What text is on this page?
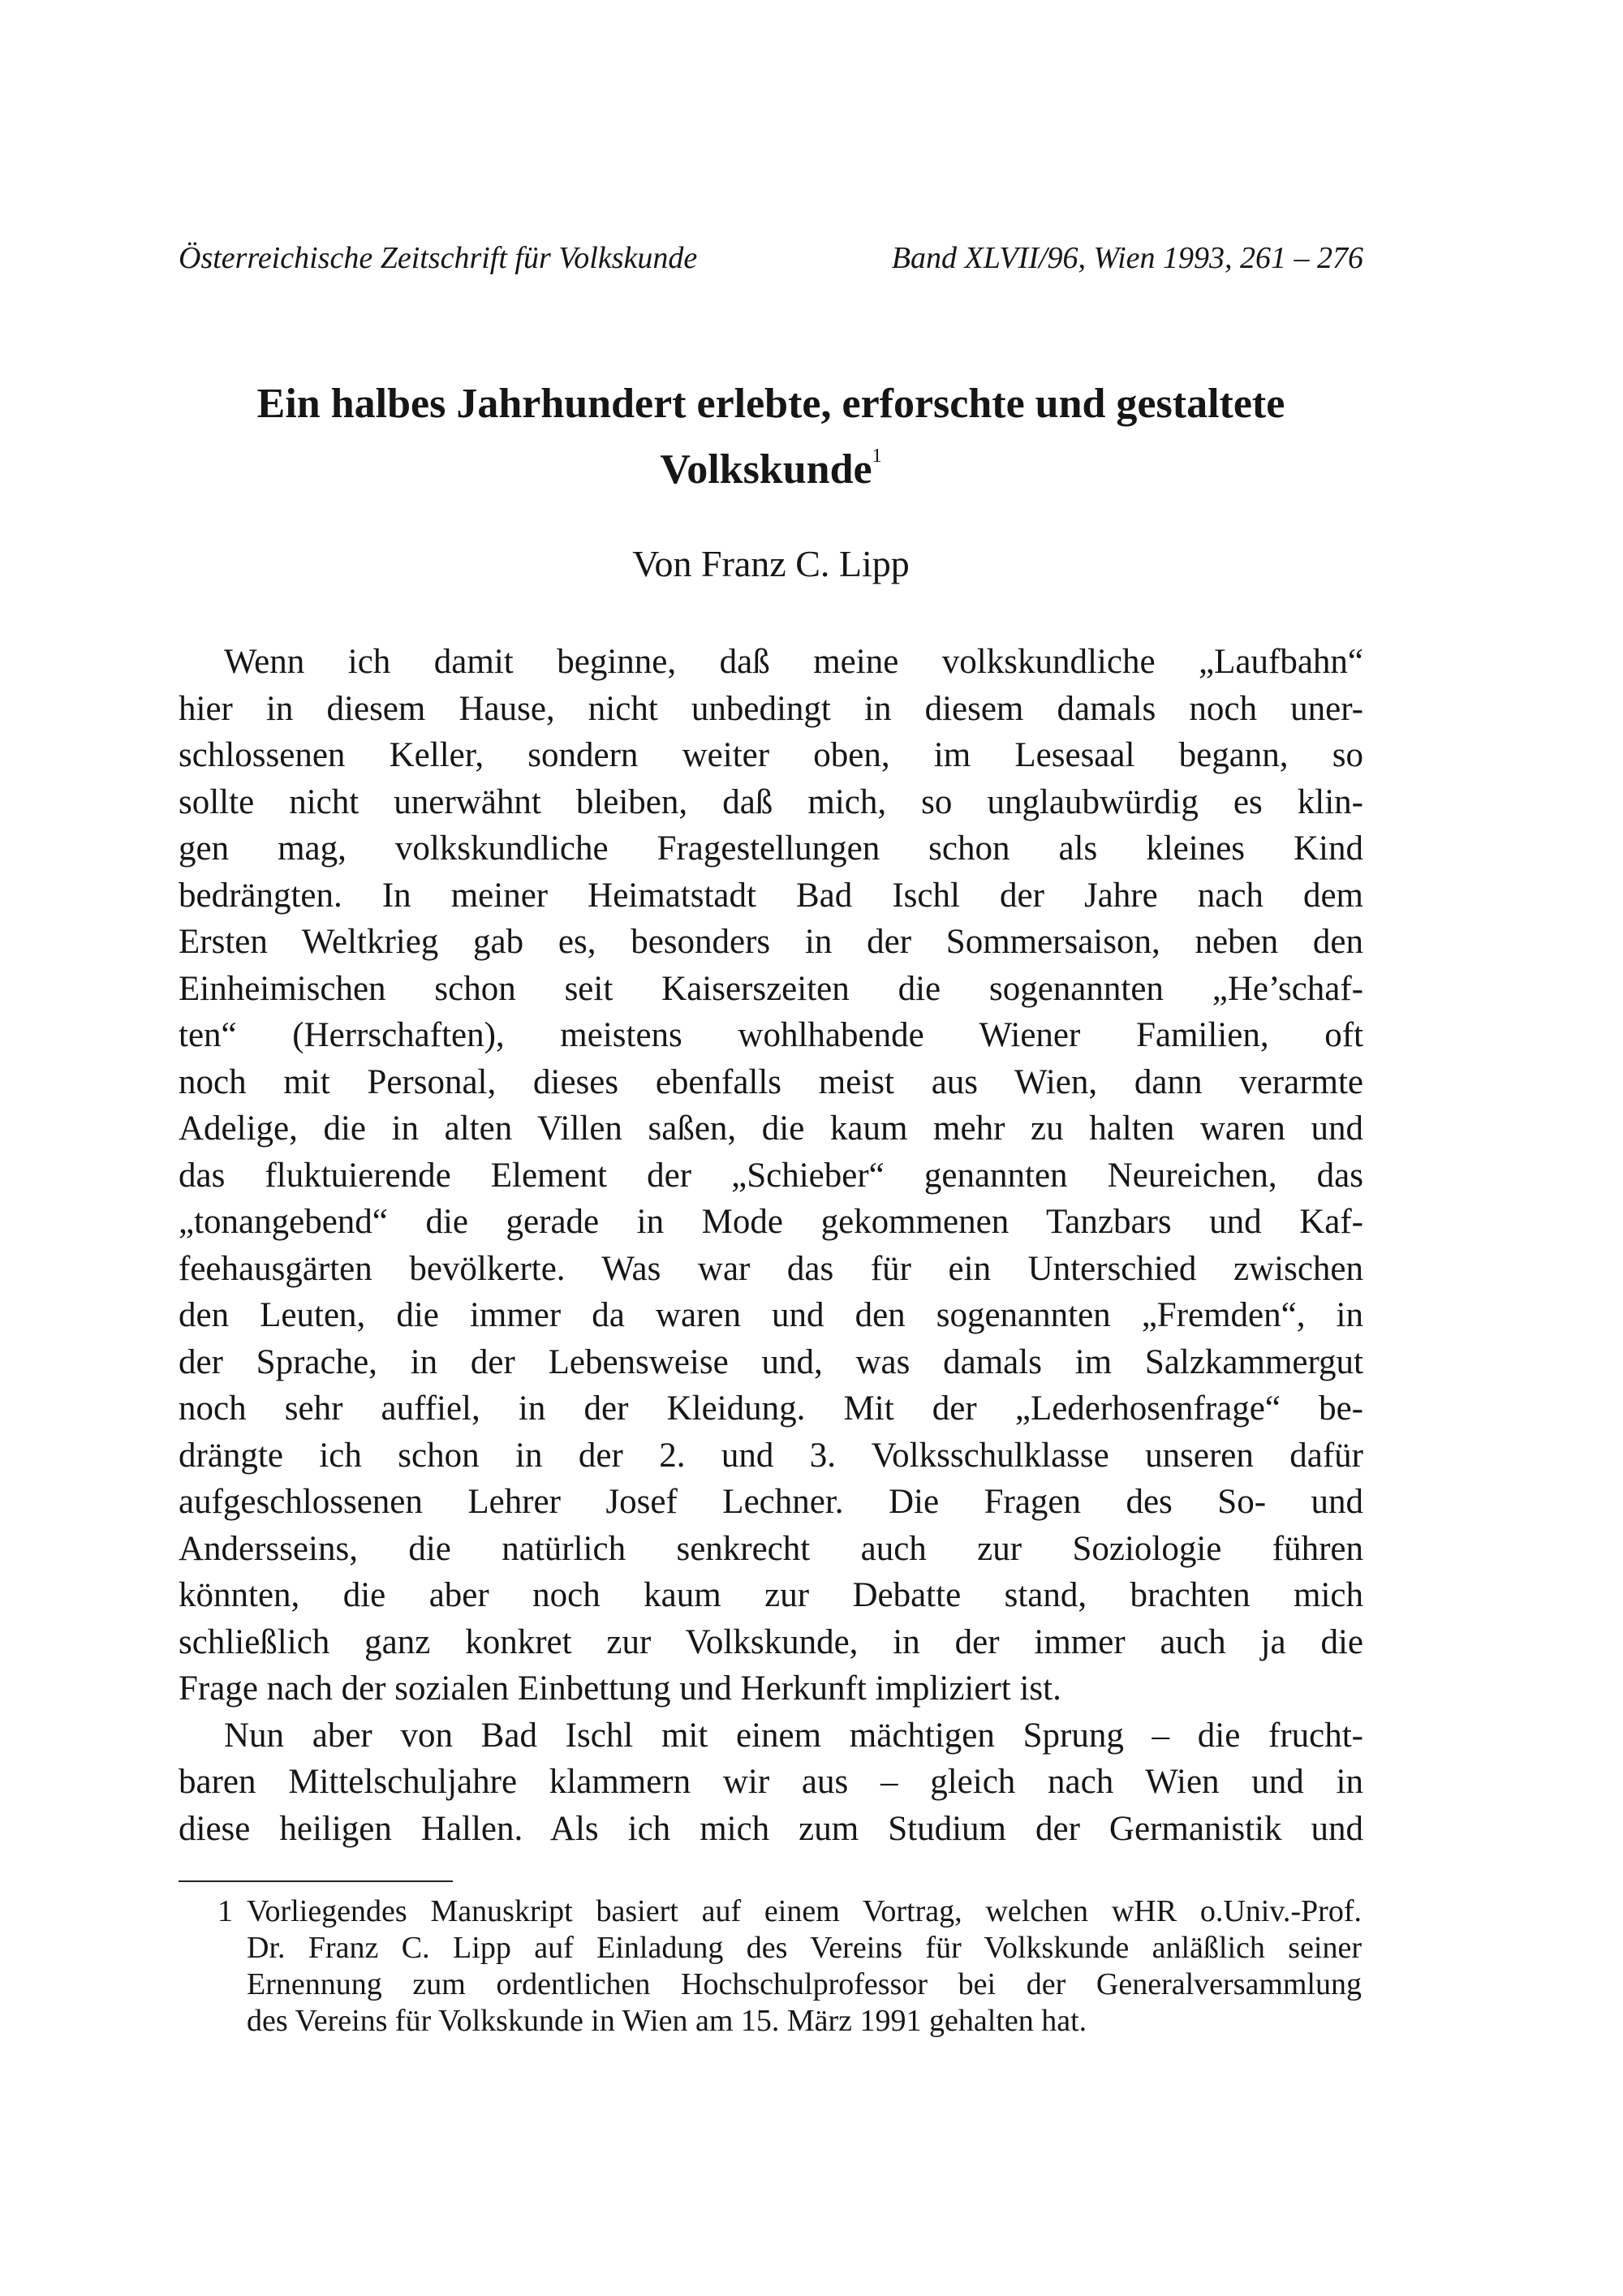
Österreichische Zeitschrift für Volkskunde	Band XLVII/96, Wien 1993, 261 – 276
Ein halbes Jahrhundert erlebte, erforschte und gestaltete
Volkskunde$^1$
Von Franz C. Lipp
Wenn ich damit beginne, daß meine volkskundliche „Laufbahn“
hier in diesem Hause, nicht unbedingt in diesem damals noch uner-
schlossenen Keller, sondern weiter oben, im Lesesaal begann, so
sollte nicht unerwähnt bleiben, daß mich, so unglaubwürdig es klin-
gen mag, volkskundliche Fragestellungen schon als kleines Kind
bedrängten. In meiner Heimatstadt Bad Ischl der Jahre nach dem
Ersten Weltkrieg gab es, besonders in der Sommersaison, neben den
Einheimischen schon seit Kaiserszeiten die sogenannten „He’schaf-
ten“ (Herrschaften), meistens wohlhabende Wiener Familien, oft
noch mit Personal, dieses ebenfalls meist aus Wien, dann verarmte
Adelige, die in alten Villen saßen, die kaum mehr zu halten waren und
das fluktuierende Element der „Schieber“ genannten Neureichen, das
„tonangebend“ die gerade in Mode gekommenen Tanzbars und Kaf-
feehausgärten bevölkerte. Was war das für ein Unterschied zwischen
den Leuten, die immer da waren und den sogenannten „Fremden“, in
der Sprache, in der Lebensweise und, was damals im Salzkammergut
noch sehr auffiel, in der Kleidung. Mit der „Lederhosenfrage“ be-
drängte ich schon in der 2. und 3. Volksschulklasse unseren dafür
aufgeschlossenen Lehrer Josef Lechner. Die Fragen des So- und
Andersseins, die natürlich senkrecht auch zur Soziologie führen
könnten, die aber noch kaum zur Debatte stand, brachten mich
schließlich ganz konkret zur Volkskunde, in der immer auch ja die
Frage nach der sozialen Einbettung und Herkunft impliziert ist.
Nun aber von Bad Ischl mit einem mächtigen Sprung – die frucht-
baren Mittelschuljahre klammern wir aus – gleich nach Wien und in
diese heiligen Hallen. Als ich mich zum Studium der Germanistik und
1 Vorliegendes Manuskript basiert auf einem Vortrag, welchen wHR o.Univ.-Prof.
Dr. Franz C. Lipp auf Einladung des Vereins für Volkskunde anläßlich seiner
Ernennung zum ordentlichen Hochschulprofessor bei der Generalversammlung
des Vereins für Volkskunde in Wien am 15. März 1991 gehalten hat.
